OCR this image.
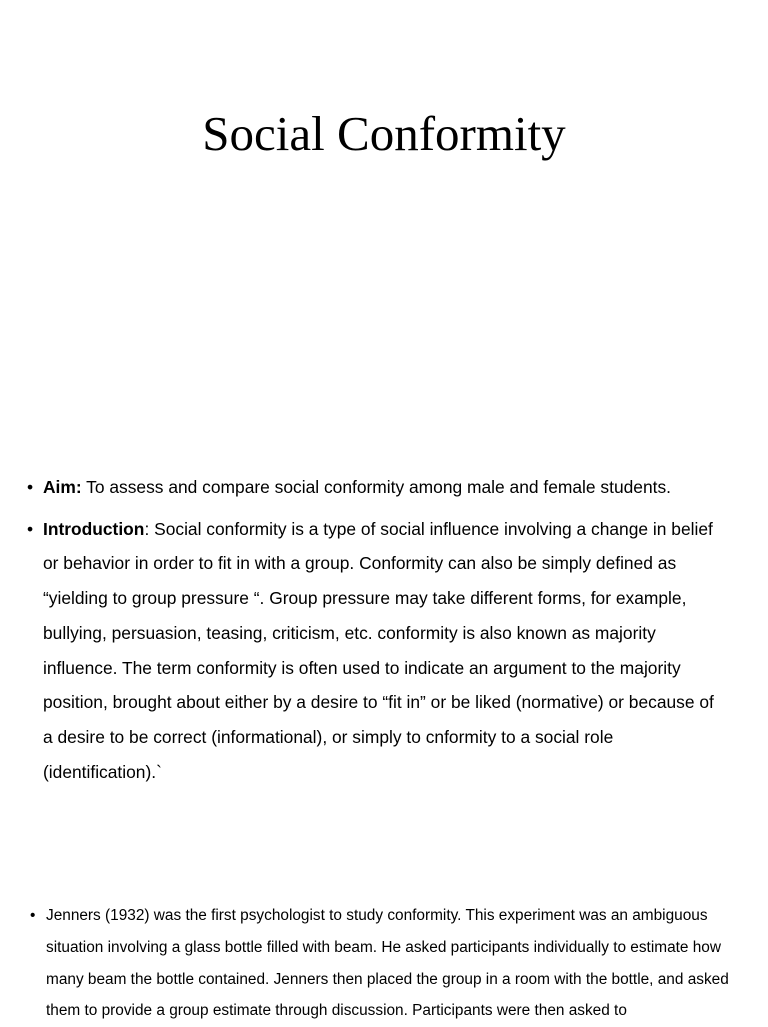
Social Conformity
• Aim: To assess and compare social conformity among male and female students.
• Introduction: Social conformity is a type of social influence involving a change in belief or behavior in order to fit in with a group. Conformity can also be simply defined as “yielding to group pressure “. Group pressure may take different forms, for example, bullying, persuasion, teasing, criticism, etc. conformity is also known as majority influence. The term conformity is often used to indicate an argument to the majority position, brought about either by a desire to “fit in” or be liked (normative) or because of a desire to be correct (informational), or simply to cnformity to a social role (identification).`
• Jenners (1932) was the first psychologist to study conformity. This experiment was an ambiguous situation involving a glass bottle filled with beam. He asked participants individually to estimate how many beam the bottle contained. Jenners then placed the group in a room with the bottle, and asked them to provide a group estimate through discussion. Participants were then asked to
